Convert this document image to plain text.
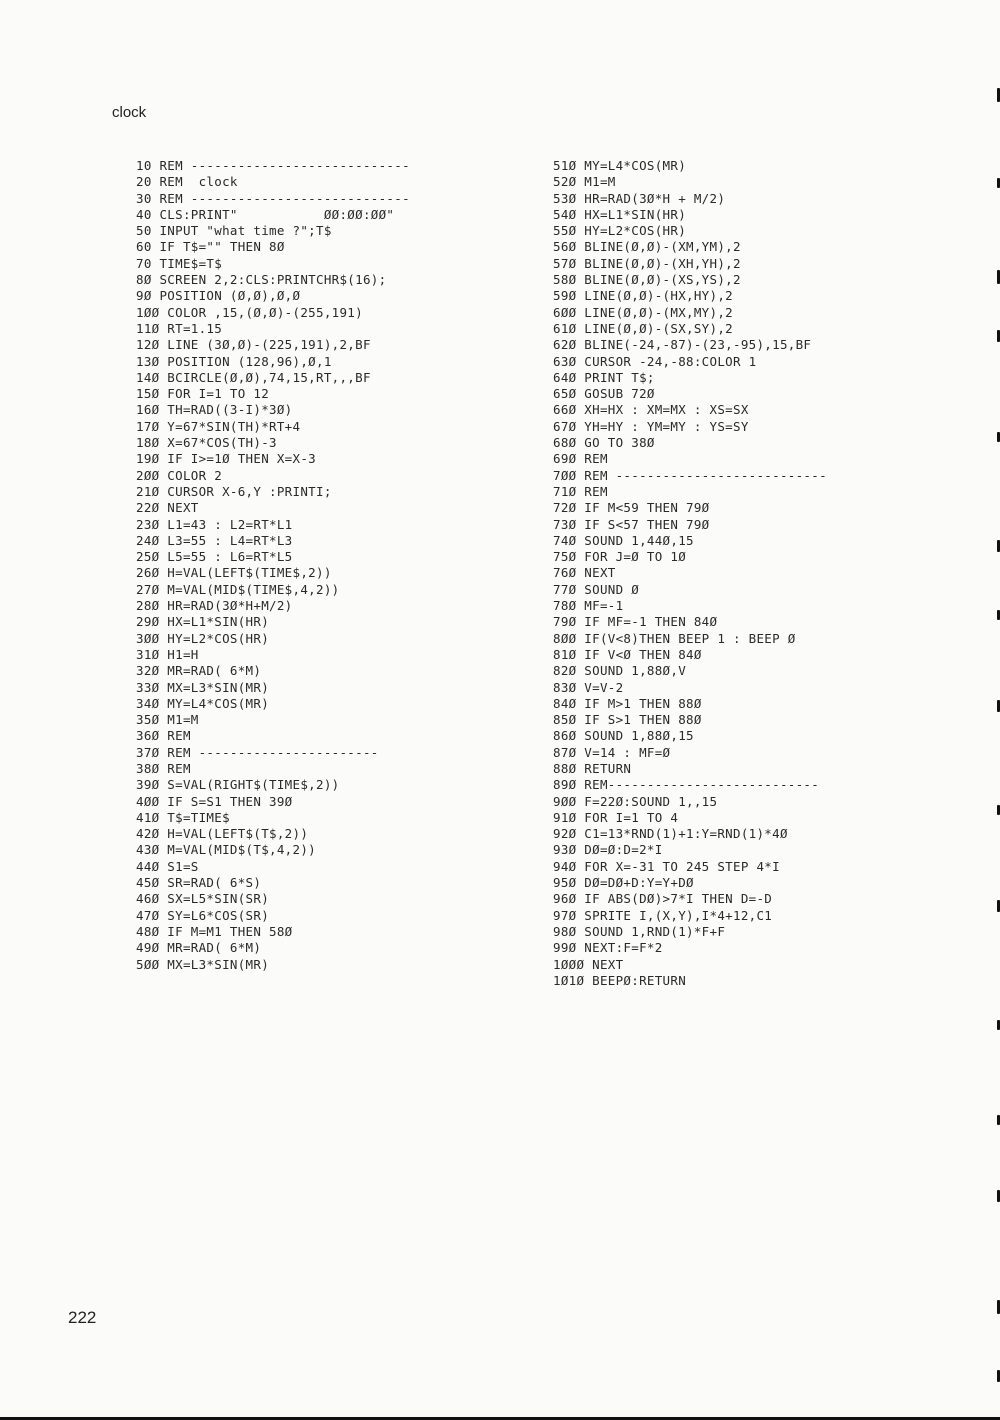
clock
10 REM ----------------------------
20 REM  clock
30 REM ----------------------------
40 CLS:PRINT"           ØØ:ØØ:ØØ"
50 INPUT "what time ?";T$
60 IF T$="" THEN 8Ø
70 TIME$=T$
8Ø SCREEN 2,2:CLS:PRINTCHR$(16);
9Ø POSITION (Ø,Ø),Ø,Ø
1ØØ COLOR ,15,(Ø,Ø)-(255,191)
11Ø RT=1.15
12Ø LINE (3Ø,Ø)-(225,191),2,BF
13Ø POSITION (128,96),Ø,1
14Ø BCIRCLE(Ø,Ø),74,15,RT,,,BF
15Ø FOR I=1 TO 12
16Ø TH=RAD((3-I)*3Ø)
17Ø Y=67*SIN(TH)*RT+4
18Ø X=67*COS(TH)-3
19Ø IF I>=1Ø THEN X=X-3
2ØØ COLOR 2
21Ø CURSOR X-6,Y :PRINTI;
22Ø NEXT
23Ø L1=43 : L2=RT*L1
24Ø L3=55 : L4=RT*L3
25Ø L5=55 : L6=RT*L5
26Ø H=VAL(LEFT$(TIME$,2))
27Ø M=VAL(MID$(TIME$,4,2))
28Ø HR=RAD(3Ø*H+M/2)
29Ø HX=L1*SIN(HR)
3ØØ HY=L2*COS(HR)
31Ø H1=H
32Ø MR=RAD( 6*M)
33Ø MX=L3*SIN(MR)
34Ø MY=L4*COS(MR)
35Ø M1=M
36Ø REM
37Ø REM -----------------------
38Ø REM
39Ø S=VAL(RIGHT$(TIME$,2))
4ØØ IF S=S1 THEN 39Ø
41Ø T$=TIME$
42Ø H=VAL(LEFT$(T$,2))
43Ø M=VAL(MID$(T$,4,2))
44Ø S1=S
45Ø SR=RAD( 6*S)
46Ø SX=L5*SIN(SR)
47Ø SY=L6*COS(SR)
48Ø IF M=M1 THEN 58Ø
49Ø MR=RAD( 6*M)
5ØØ MX=L3*SIN(MR)
51Ø MY=L4*COS(MR)
52Ø M1=M
53Ø HR=RAD(3Ø*H + M/2)
54Ø HX=L1*SIN(HR)
55Ø HY=L2*COS(HR)
56Ø BLINE(Ø,Ø)-(XM,YM),2
57Ø BLINE(Ø,Ø)-(XH,YH),2
58Ø BLINE(Ø,Ø)-(XS,YS),2
59Ø LINE(Ø,Ø)-(HX,HY),2
6ØØ LINE(Ø,Ø)-(MX,MY),2
61Ø LINE(Ø,Ø)-(SX,SY),2
62Ø BLINE(-24,-87)-(23,-95),15,BF
63Ø CURSOR -24,-88:COLOR 1
64Ø PRINT T$;
65Ø GOSUB 72Ø
66Ø XH=HX : XM=MX : XS=SX
67Ø YH=HY : YM=MY : YS=SY
68Ø GO TO 38Ø
69Ø REM
7ØØ REM ---------------------------
71Ø REM
72Ø IF M<59 THEN 79Ø
73Ø IF S<57 THEN 79Ø
74Ø SOUND 1,44Ø,15
75Ø FOR J=Ø TO 1Ø
76Ø NEXT
77Ø SOUND Ø
78Ø MF=-1
79Ø IF MF=-1 THEN 84Ø
8ØØ IF(V<8)THEN BEEP 1 : BEEP Ø
81Ø IF V<Ø THEN 84Ø
82Ø SOUND 1,88Ø,V
83Ø V=V-2
84Ø IF M>1 THEN 88Ø
85Ø IF S>1 THEN 88Ø
86Ø SOUND 1,88Ø,15
87Ø V=14 : MF=Ø
88Ø RETURN
89Ø REM---------------------------
9ØØ F=22Ø:SOUND 1,,15
91Ø FOR I=1 TO 4
92Ø C1=13*RND(1)+1:Y=RND(1)*4Ø
93Ø DØ=Ø:D=2*I
94Ø FOR X=-31 TO 245 STEP 4*I
95Ø DØ=DØ+D:Y=Y+DØ
96Ø IF ABS(DØ)>7*I THEN D=-D
97Ø SPRITE I,(X,Y),I*4+12,C1
98Ø SOUND 1,RND(1)*F+F
99Ø NEXT:F=F*2
1ØØØ NEXT
1Ø1Ø BEEPØ:RETURN
222
